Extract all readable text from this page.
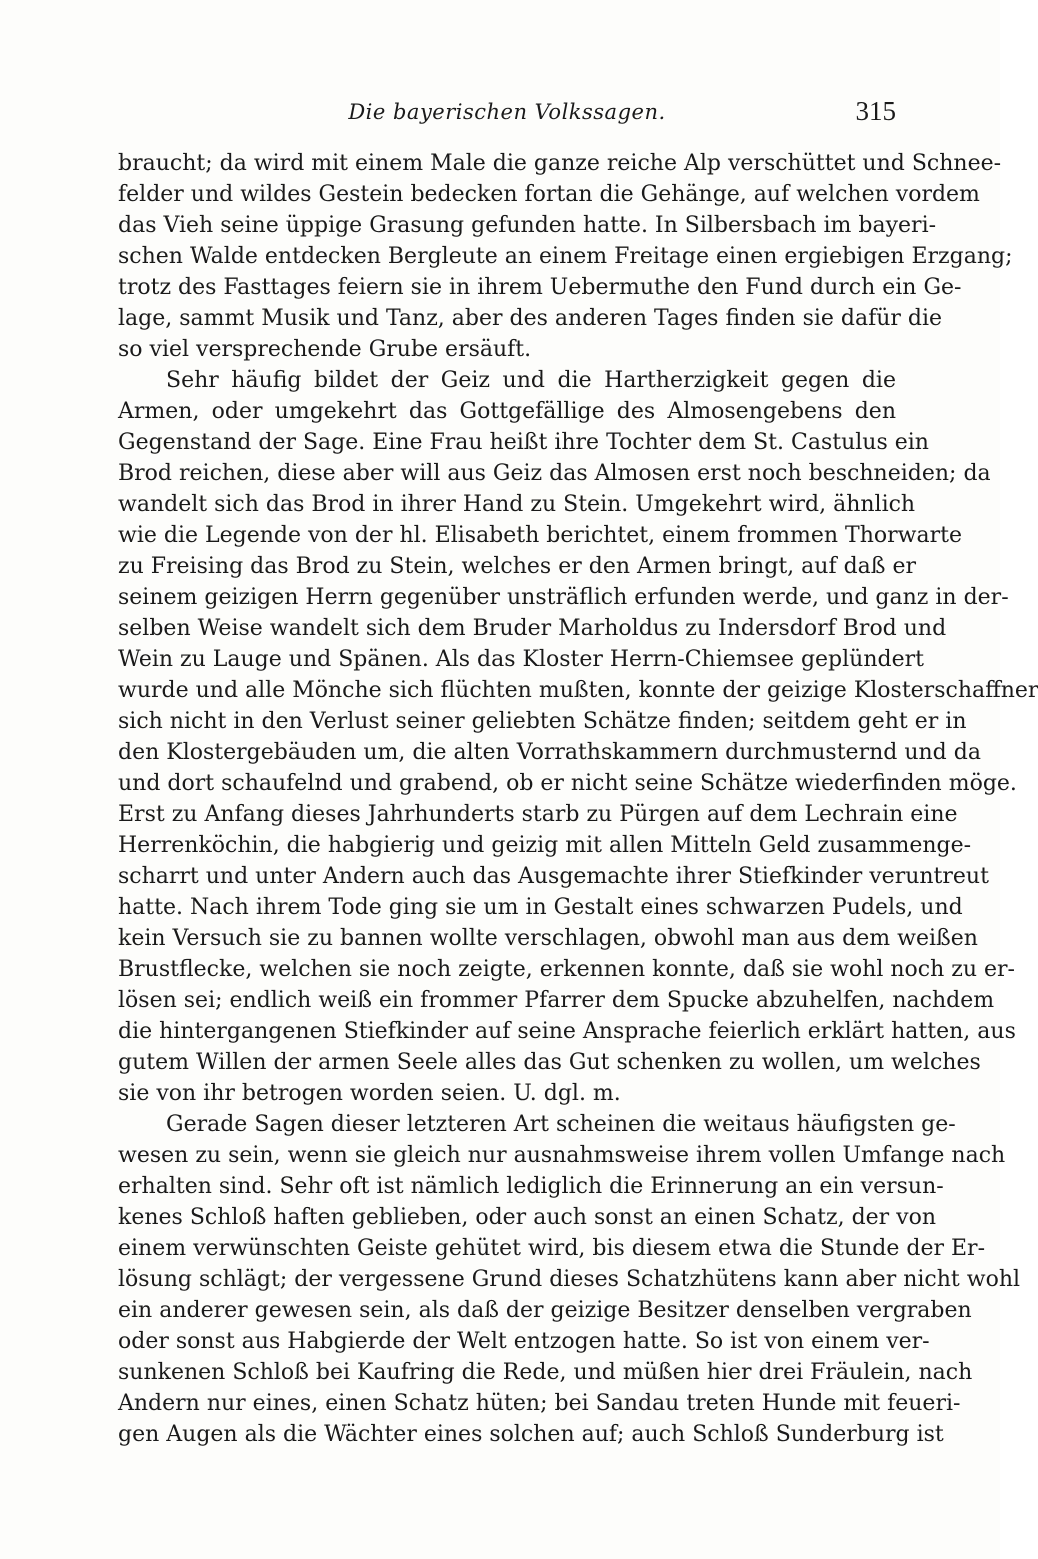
Die bayerischen Volkssagen.	315
braucht; da wird mit einem Male die ganze reiche Alp verschüttet und Schnee-
felder und wildes Gestein bedecken fortan die Gehänge, auf welchen vordem
das Vieh seine üppige Grasung gefunden hatte. In Silbersbach im bayeri-
schen Walde entdecken Bergleute an einem Freitage einen ergiebigen Erzgang;
trotz des Fasttages feiern sie in ihrem Uebermuthe den Fund durch ein Ge-
lage, sammt Musik und Tanz, aber des anderen Tages finden sie dafür die
so viel versprechende Grube ersäuft.
Sehr häufig bildet der Geiz und die Hartherzigkeit gegen die
Armen, oder umgekehrt das Gottgefällige des Almosengebens den
Gegenstand der Sage. Eine Frau heißt ihre Tochter dem St. Castulus ein
Brod reichen, diese aber will aus Geiz das Almosen erst noch beschneiden; da
wandelt sich das Brod in ihrer Hand zu Stein. Umgekehrt wird, ähnlich
wie die Legende von der hl. Elisabeth berichtet, einem frommen Thorwarte
zu Freising das Brod zu Stein, welches er den Armen bringt, auf daß er
seinem geizigen Herrn gegenüber unsträflich erfunden werde, und ganz in der-
selben Weise wandelt sich dem Bruder Marholdus zu Indersdorf Brod und
Wein zu Lauge und Spänen. Als das Kloster Herrn-Chiemsee geplündert
wurde und alle Mönche sich flüchten mußten, konnte der geizige Klosterschaffner
sich nicht in den Verlust seiner geliebten Schätze finden; seitdem geht er in
den Klostergebäuden um, die alten Vorrathskammern durchmusternd und da
und dort schaufelnd und grabend, ob er nicht seine Schätze wiederfinden möge.
Erst zu Anfang dieses Jahrhunderts starb zu Pürgen auf dem Lechrain eine
Herrenköchin, die habgierig und geizig mit allen Mitteln Geld zusammenge-
scharrt und unter Andern auch das Ausgemachte ihrer Stiefkinder veruntreut
hatte. Nach ihrem Tode ging sie um in Gestalt eines schwarzen Pudels, und
kein Versuch sie zu bannen wollte verschlagen, obwohl man aus dem weißen
Brustflecke, welchen sie noch zeigte, erkennen konnte, daß sie wohl noch zu er-
lösen sei; endlich weiß ein frommer Pfarrer dem Spucke abzuhelfen, nachdem
die hintergangenen Stiefkinder auf seine Ansprache feierlich erklärt hatten, aus
gutem Willen der armen Seele alles das Gut schenken zu wollen, um welches
sie von ihr betrogen worden seien. U. dgl. m.
Gerade Sagen dieser letzteren Art scheinen die weitaus häufigsten ge-
wesen zu sein, wenn sie gleich nur ausnahmsweise ihrem vollen Umfange nach
erhalten sind. Sehr oft ist nämlich lediglich die Erinnerung an ein versun-
kenes Schloß haften geblieben, oder auch sonst an einen Schatz, der von
einem verwünschten Geiste gehütet wird, bis diesem etwa die Stunde der Er-
lösung schlägt; der vergessene Grund dieses Schatzhütens kann aber nicht wohl
ein anderer gewesen sein, als daß der geizige Besitzer denselben vergraben
oder sonst aus Habgierde der Welt entzogen hatte. So ist von einem ver-
sunkenen Schloß bei Kaufring die Rede, und müßen hier drei Fräulein, nach
Andern nur eines, einen Schatz hüten; bei Sandau treten Hunde mit feueri-
gen Augen als die Wächter eines solchen auf; auch Schloß Sunderburg ist
